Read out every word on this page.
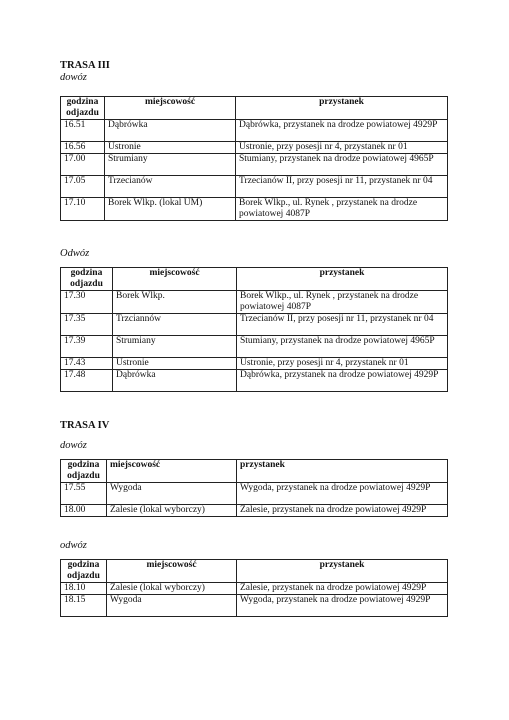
TRASA III
dowóz
godzina odjazdu	miejscowość	przystanek
16.51	Dąbrówka	Dąbrówka, przystanek na drodze powiatowej 4929P
16.56	Ustronie	Ustronie, przy posesji nr 4, przystanek nr 01
17.00	Strumiany	Stumiany, przystanek na drodze powiatowej 4965P
17.05	Trzecianów	Trzecianów II, przy posesji nr 11, przystanek nr 04
17.10	Borek Wlkp. (lokal UM)	Borek Wlkp., ul. Rynek , przystanek na drodze powiatowej 4087P
Odwóz
godzina odjazdu	miejscowość	przystanek
17.30	Borek Wlkp.	Borek Wlkp., ul. Rynek , przystanek na drodze powiatowej 4087P
17.35	Trzciannów	Trzecianów II, przy posesji nr 11, przystanek nr 04
17.39	Strumiany	Stumiany, przystanek na drodze powiatowej 4965P
17.43	Ustronie	Ustronie, przy posesji nr 4, przystanek nr 01
17.48	Dąbrówka	Dąbrówka, przystanek na drodze powiatowej 4929P
TRASA IV
dowóz
godzina odjazdu	miejscowość	przystanek
17.55	Wygoda	Wygoda, przystanek na drodze powiatowej 4929P
18.00	Zalesie (lokal wyborczy)	Zalesie, przystanek na drodze powiatowej 4929P
odwóz
godzina odjazdu	miejscowość	przystanek
18.10	Zalesie (lokal wyborczy)	Zalesie, przystanek na drodze powiatowej 4929P
18.15	Wygoda	Wygoda, przystanek na drodze powiatowej 4929P
